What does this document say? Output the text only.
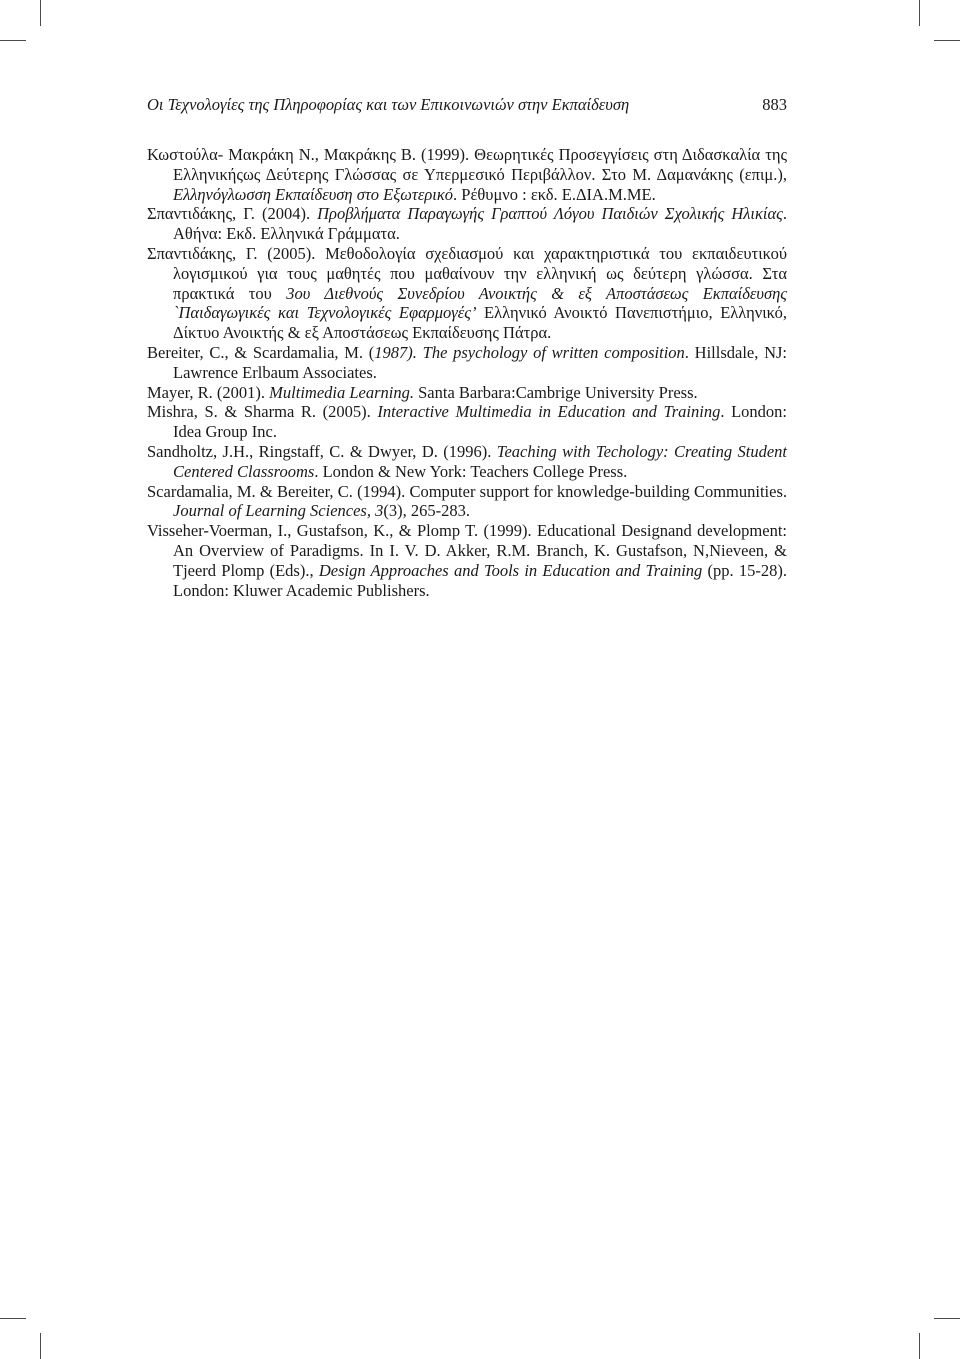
Οι Τεχνολογίες της Πληροφορίας και των Επικοινωνιών στην Εκπαίδευση	883

Κωστούλα- Μακράκη Ν., Μακράκης Β. (1999). Θεωρητικές Προσεγγίσεις στη Διδασκαλία της Ελληνικήςως Δεύτερης Γλώσσας σε Υπερμεσικό Περιβάλλον. Στο Μ. Δαμανάκης (επιμ.), Ελληνόγλωσση Εκπαίδευση στο Εξωτερικό. Ρέθυμνο : εκδ. Ε.ΔΙΑ.Μ.ΜΕ.

Σπαντιδάκης, Γ. (2004). Προβλήματα Παραγωγής Γραπτού Λόγου Παιδιών Σχολικής Ηλικίας. Αθήνα: Εκδ. Ελληνικά Γράμματα.

Σπαντιδάκης, Γ. (2005). Μεθοδολογία σχεδιασμού και χαρακτηριστικά του εκπαιδευτικού λογισμικού για τους μαθητές που μαθαίνουν την ελληνική ως δεύτερη γλώσσα. Στα πρακτικά του 3ου Διεθνούς Συνεδρίου Ανοικτής & εξ Αποστάσεως Εκπαίδευσης `Παιδαγωγικές και Τεχνολογικές Εφαρμογές’ Ελληνικό Ανοικτό Πανεπιστήμιο, Ελληνικό, Δίκτυο Ανοικτής & εξ Αποστάσεως Εκπαίδευσης Πάτρα.

Bereiter, C., & Scardamalia, M. (1987). The psychology of written composition. Hillsdale, NJ: Lawrence Erlbaum Associates.

Mayer, R. (2001). Multimedia Learning. Santa Barbara:Cambrige University Press.

Mishra, S. & Sharma R. (2005). Interactive Multimedia in Education and Training. London: Idea Group Inc.

Sandholtz, J.H., Ringstaff, C. & Dwyer, D. (1996). Teaching with Techology: Creating Student Centered Classrooms. London & New York: Teachers College Press.

Scardamalia, M. & Bereiter, C. (1994). Computer support for knowledge-building Communities. Journal of Learning Sciences, 3(3), 265-283.

Visseher-Voerman, I., Gustafson, K., & Plomp T. (1999). Educational Designand development: An Overview of Paradigms. In I. V. D. Akker, R.M. Branch, K. Gustafson, N,Nieveen, & Tjeerd Plomp (Eds)., Design Approaches and Tools in Education and Training (pp. 15-28). London: Kluwer Academic Publishers.
